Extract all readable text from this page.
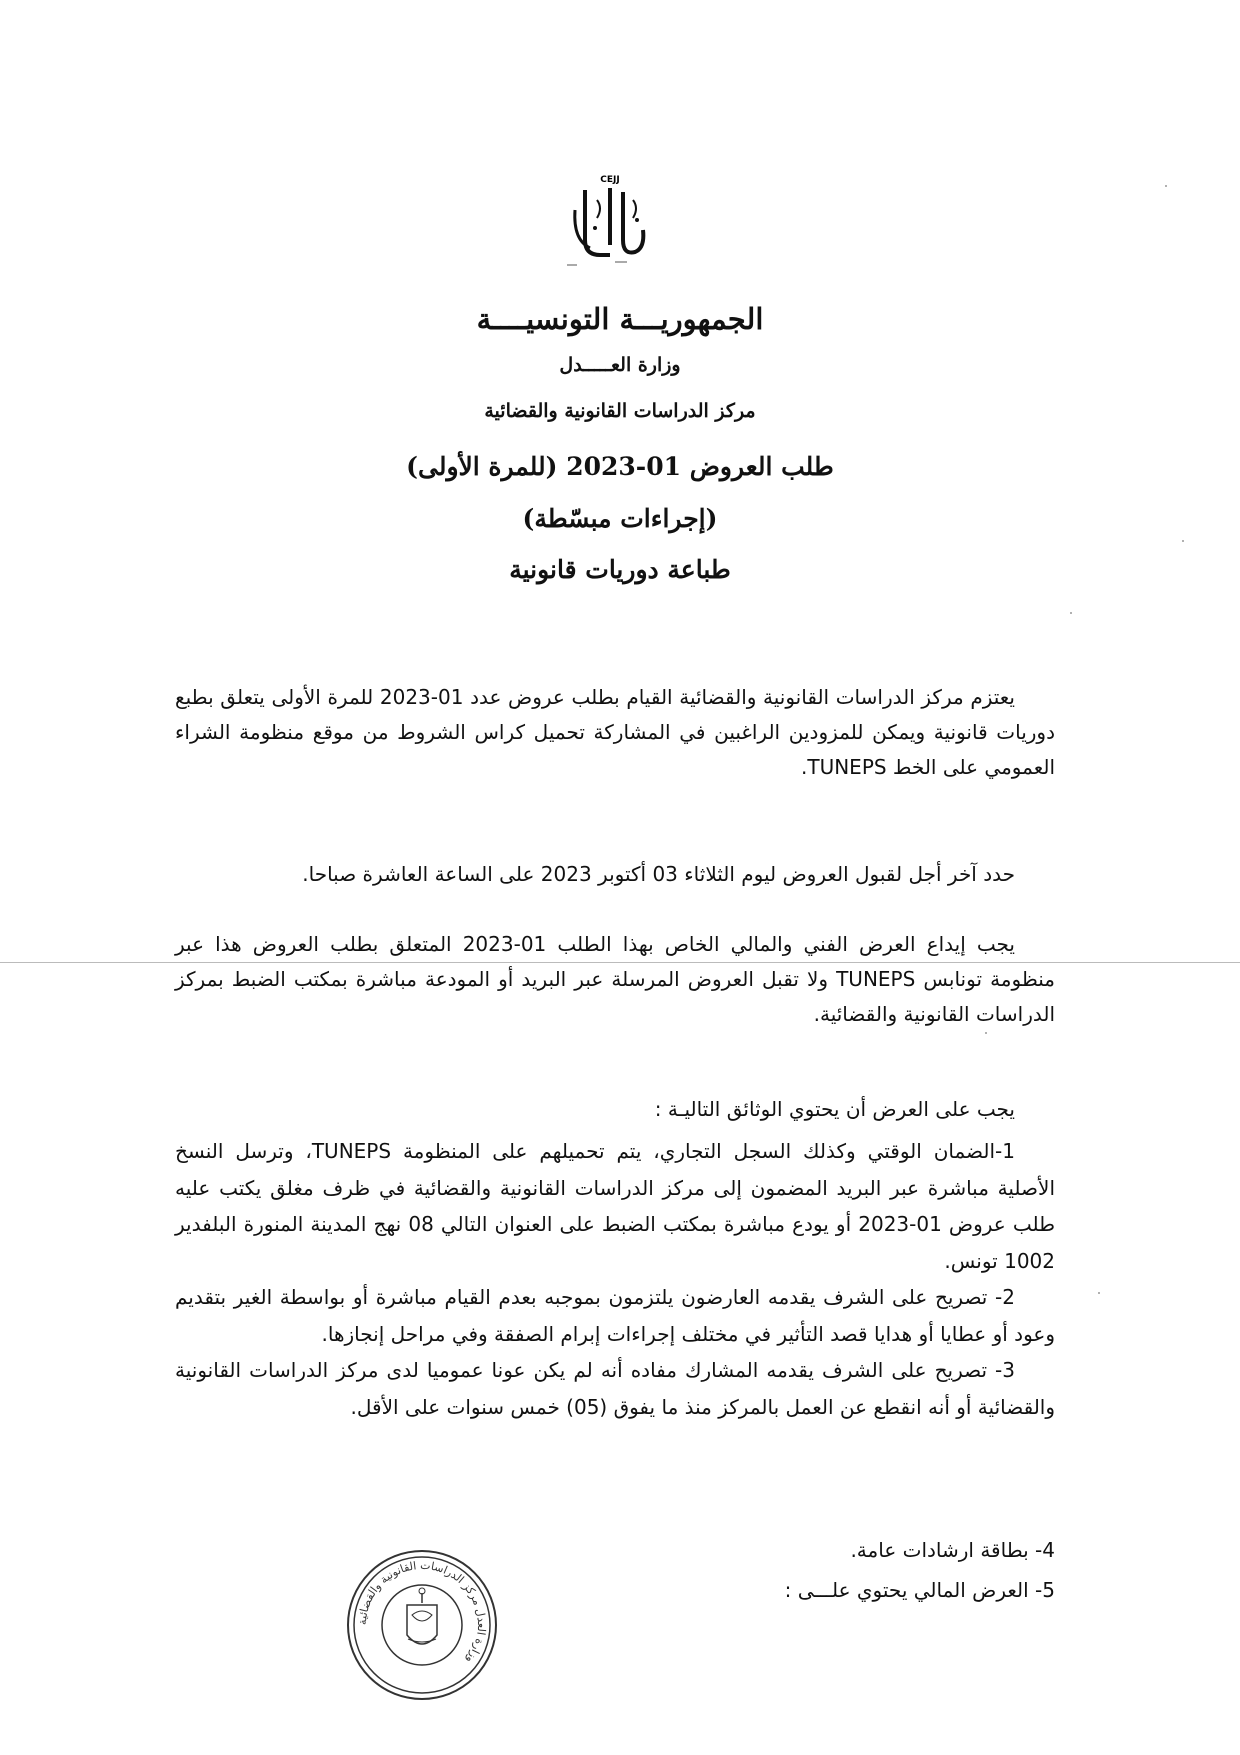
CEJJ
الجمهوريـــة التونسيــــة
وزارة العـــــدل
مركز الدراسات القانونية والقضائية
طلب العروض 01-2023 (للمرة الأولى)
(إجراءات مبسّطة)
طباعة دوريات قانونية

يعتزم مركز الدراسات القانونية والقضائية القيام بطلب عروض عدد 01-2023 للمرة الأولى يتعلق بطبع دوريات قانونية ويمكن للمزودين الراغبين في المشاركة تحميل كراس الشروط من موقع منظومة الشراء العمومي على الخط TUNEPS.

حدد آخر أجل لقبول العروض ليوم الثلاثاء 03 أكتوبر 2023 على الساعة العاشرة صباحا.

يجب إيداع العرض الفني والمالي الخاص بهذا الطلب 01-2023 المتعلق بطلب العروض هذا عبر منظومة تونابس TUNEPS ولا تقبل العروض المرسلة عبر البريد أو المودعة مباشرة بمكتب الضبط بمركز الدراسات القانونية والقضائية.

يجب على العرض أن يحتوي الوثائق التاليـة :

1-الضمان الوقتي وكذلك السجل التجاري، يتم تحميلهم على المنظومة TUNEPS، وترسل النسخ الأصلية مباشرة عبر البريد المضمون إلى مركز الدراسات القانونية والقضائية في ظرف مغلق يكتب عليه طلب عروض 01-2023 أو يودع مباشرة بمكتب الضبط على العنوان التالي 08 نهج المدينة المنورة البلفدير 1002 تونس.

2- تصريح على الشرف يقدمه العارضون يلتزمون بموجبه بعدم القيام مباشرة أو بواسطة الغير بتقديم وعود أو عطايا أو هدايا قصد التأثير في مختلف إجراءات إبرام الصفقة وفي مراحل إنجازها.

3- تصريح على الشرف يقدمه المشارك مفاده أنه لم يكن عونا عموميا لدى مركز الدراسات القانونية والقضائية أو أنه انقطع عن العمل بالمركز منذ ما يفوق (05) خمس سنوات على الأقل.

4- بطاقة ارشادات عامة.
5- العرض المالي يحتوي علـــى :
وزارة العدل مركز الدراسات القانونية والقضائية
